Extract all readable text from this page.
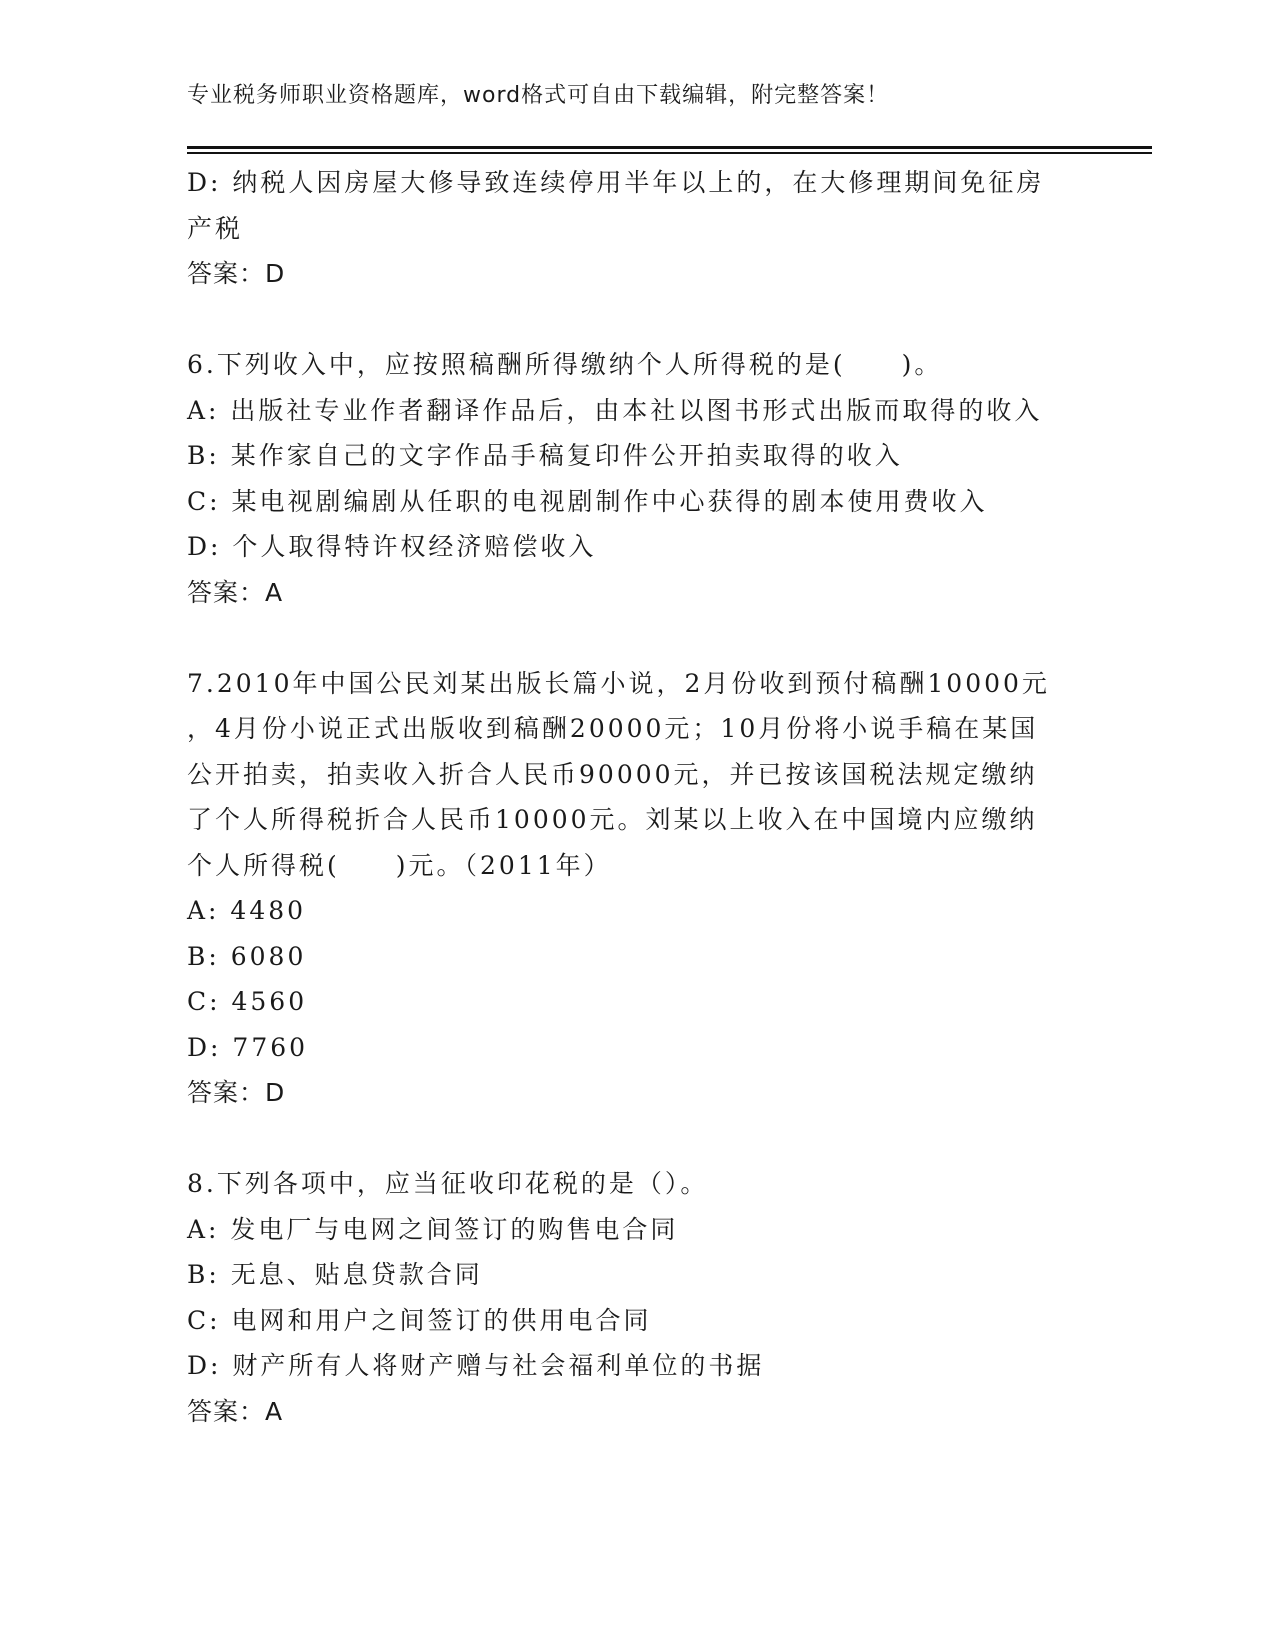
专业税务师职业资格题库，word格式可自由下载编辑，附完整答案！
D: 纳税人因房屋大修导致连续停用半年以上的，在大修理期间免征房
产税
答案：D
6.下列收入中，应按照稿酬所得缴纳个人所得税的是(　　)。
A: 出版社专业作者翻译作品后，由本社以图书形式出版而取得的收入
B: 某作家自己的文字作品手稿复印件公开拍卖取得的收入
C: 某电视剧编剧从任职的电视剧制作中心获得的剧本使用费收入
D: 个人取得特许权经济赔偿收入
答案：A
7.2010年中国公民刘某出版长篇小说，2月份收到预付稿酬10000元
，4月份小说正式出版收到稿酬20000元；10月份将小说手稿在某国
公开拍卖，拍卖收入折合人民币90000元，并已按该国税法规定缴纳
了个人所得税折合人民币10000元。刘某以上收入在中国境内应缴纳
个人所得税(　　)元。（2011年）
A: 4480
B: 6080
C: 4560
D: 7760
答案：D
8.下列各项中，应当征收印花税的是（）。
A: 发电厂与电网之间签订的购售电合同
B: 无息、贴息贷款合同
C: 电网和用户之间签订的供用电合同
D: 财产所有人将财产赠与社会福利单位的书据
答案：A
